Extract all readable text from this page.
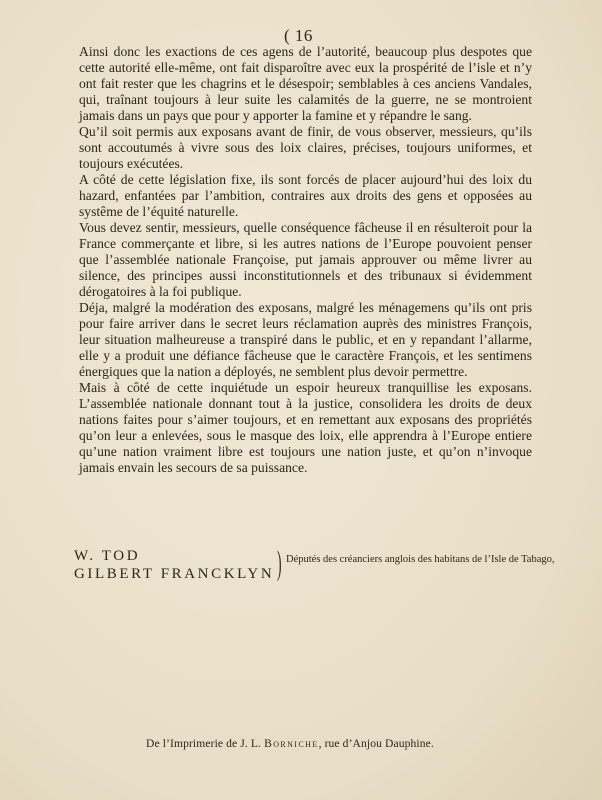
( 16

Ainsi donc les exactions de ces agens de l’autorité, beaucoup plus despotes que cette autorité elle-même, ont fait disparoître avec eux la prospérité de l’isle et n’y ont fait rester que les chagrins et le désespoir; semblables à ces anciens Vandales, qui, traînant toujours à leur suite les calamités de la guerre, ne se montroient jamais dans un pays que pour y apporter la famine et y répandre le sang.

Qu’il soit permis aux exposans avant de finir, de vous observer, messieurs, qu’ils sont accoutumés à vivre sous des loix claires, précises, toujours uniformes, et toujours exécutées.

A côté de cette législation fixe, ils sont forcés de placer aujourd’hui des loix du hazard, enfantées par l’ambition, contraires aux droits des gens et opposées au systême de l’équité naturelle.

Vous devez sentir, messieurs, quelle conséquence fâcheuse il en résulteroit pour la France commerçante et libre, si les autres nations de l’Europe pouvoient penser que l’assemblée nationale Françoise, put jamais approuver ou même livrer au silence, des principes aussi inconstitutionnels et des tribunaux si évidemment dérogatoires à la foi publique.

Déja, malgré la modération des exposans, malgré les ménagemens qu’ils ont pris pour faire arriver dans le secret leurs réclamation auprès des ministres François, leur situation malheureuse a transpiré dans le public, et en y repandant l’allarme, elle y a produit une défiance fâcheuse que le caractère François, et les sentimens énergiques que la nation a déployés, ne semblent plus devoir permettre.

Mais à côté de cette inquiétude un espoir heureux tranquillise les exposans. L’assemblée nationale donnant tout à la justice, consolidera les droits de deux nations faites pour s’aimer toujours, et en remettant aux exposans des propriétés qu’on leur a enlevées, sous le masque des loix, elle apprendra à l’Europe entiere qu’une nation vraiment libre est toujours une nation juste, et qu’on n’invoque jamais envain les secours de sa puissance.

W. TOD
GILBERT FRANCKLYN ) Députés des créanciers anglois des habitans de l’Isle de Tabago,
De l’Imprimerie de J. L. Borniche, rue d’Anjou Dauphine.
